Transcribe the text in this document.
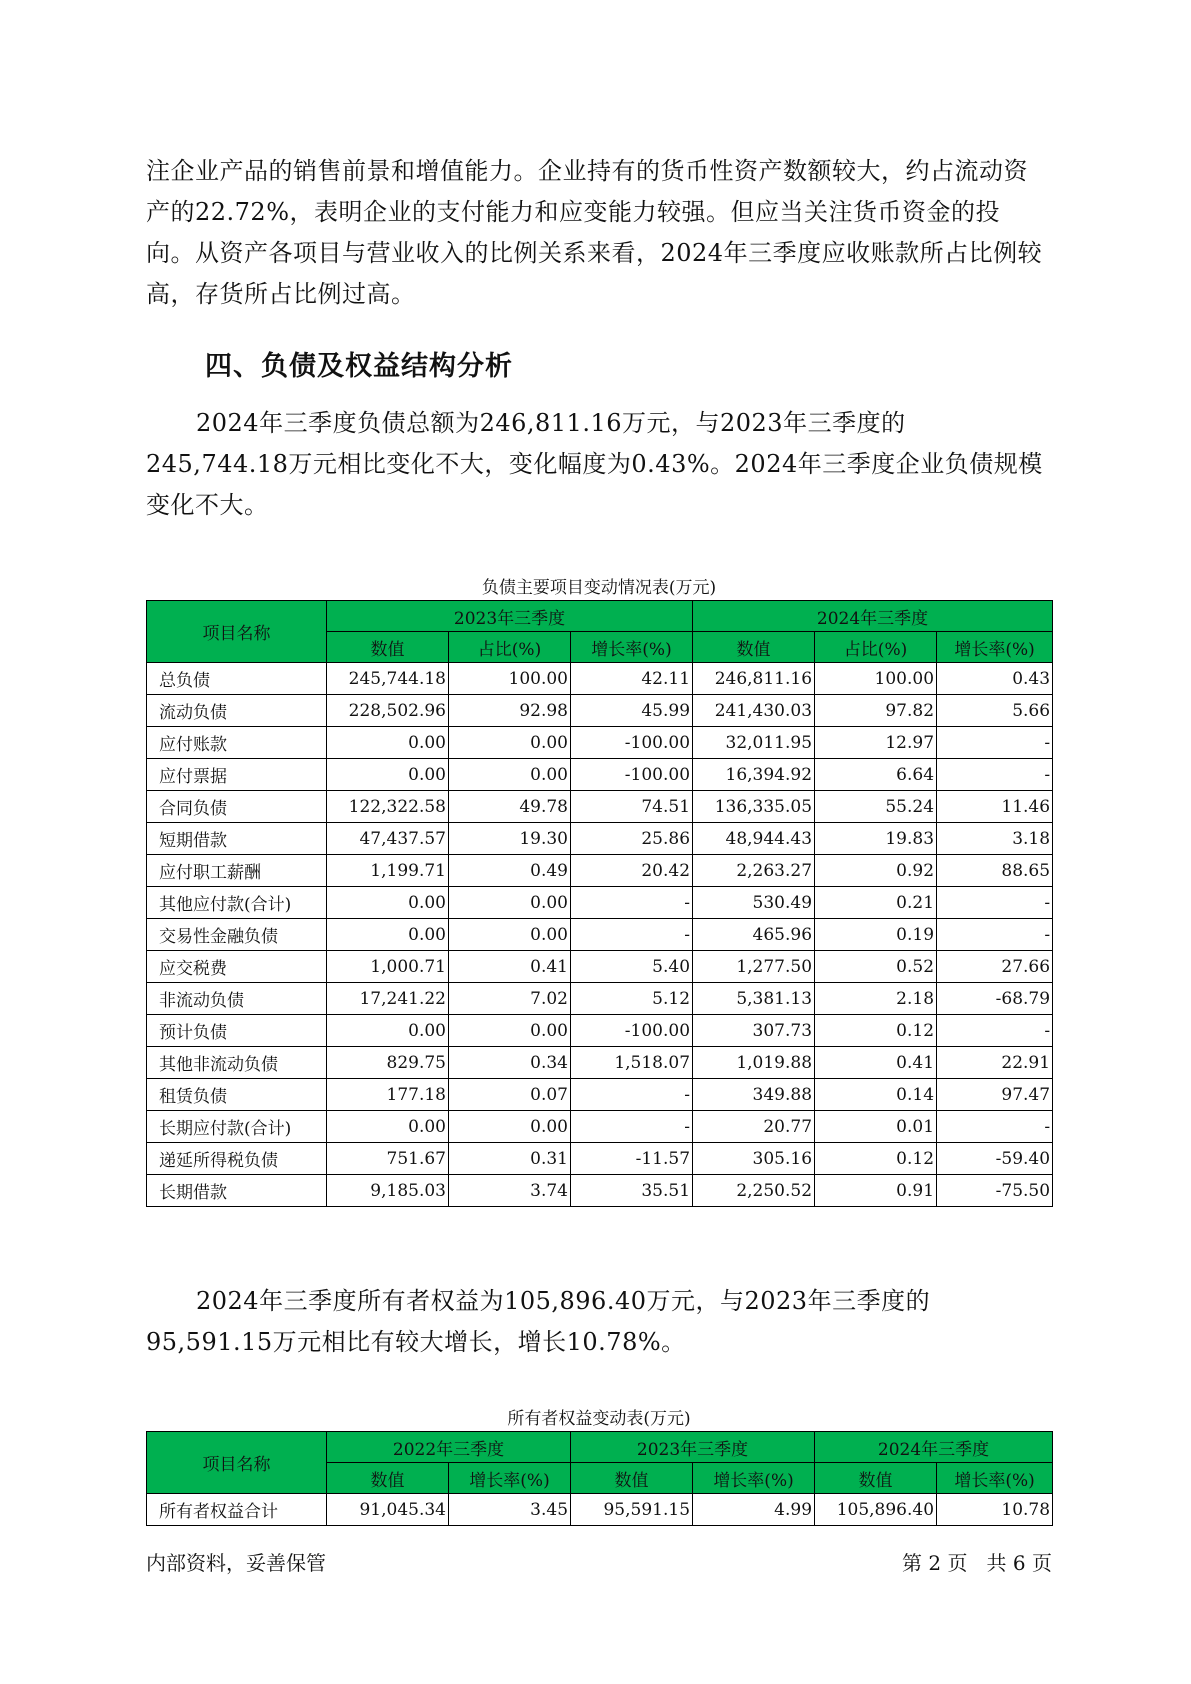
注企业产品的销售前景和增值能力。企业持有的货币性资产数额较大，约占流动资产的22.72%，表明企业的支付能力和应变能力较强。但应当关注货币资金的投向。从资产各项目与营业收入的比例关系来看，2024年三季度应收账款所占比例较高，存货所占比例过高。

四、负债及权益结构分析

2024年三季度负债总额为246,811.16万元，与2023年三季度的245,744.18万元相比变化不大，变化幅度为0.43%。2024年三季度企业负债规模变化不大。

负债主要项目变动情况表(万元)

项目名称	2023年三季度			2024年三季度		
	数值	占比(%)	增长率(%)	数值	占比(%)	增长率(%)
总负债	245,744.18	100.00	42.11	246,811.16	100.00	0.43
流动负债	228,502.96	92.98	45.99	241,430.03	97.82	5.66
应付账款	0.00	0.00	-100.00	32,011.95	12.97	-
应付票据	0.00	0.00	-100.00	16,394.92	6.64	-
合同负债	122,322.58	49.78	74.51	136,335.05	55.24	11.46
短期借款	47,437.57	19.30	25.86	48,944.43	19.83	3.18
应付职工薪酬	1,199.71	0.49	20.42	2,263.27	0.92	88.65
其他应付款(合计)	0.00	0.00	-	530.49	0.21	-
交易性金融负债	0.00	0.00	-	465.96	0.19	-
应交税费	1,000.71	0.41	5.40	1,277.50	0.52	27.66
非流动负债	17,241.22	7.02	5.12	5,381.13	2.18	-68.79
预计负债	0.00	0.00	-100.00	307.73	0.12	-
其他非流动负债	829.75	0.34	1,518.07	1,019.88	0.41	22.91
租赁负债	177.18	0.07	-	349.88	0.14	97.47
长期应付款(合计)	0.00	0.00	-	20.77	0.01	-
递延所得税负债	751.67	0.31	-11.57	305.16	0.12	-59.40
长期借款	9,185.03	3.74	35.51	2,250.52	0.91	-75.50

2024年三季度所有者权益为105,896.40万元，与2023年三季度的95,591.15万元相比有较大增长，增长10.78%。

所有者权益变动表(万元)

项目名称	2022年三季度		2023年三季度		2024年三季度	
	数值	增长率(%)	数值	增长率(%)	数值	增长率(%)
所有者权益合计	91,045.34	3.45	95,591.15	4.99	105,896.40	10.78

内部资料，妥善保管	第 2 页   共 6 页
